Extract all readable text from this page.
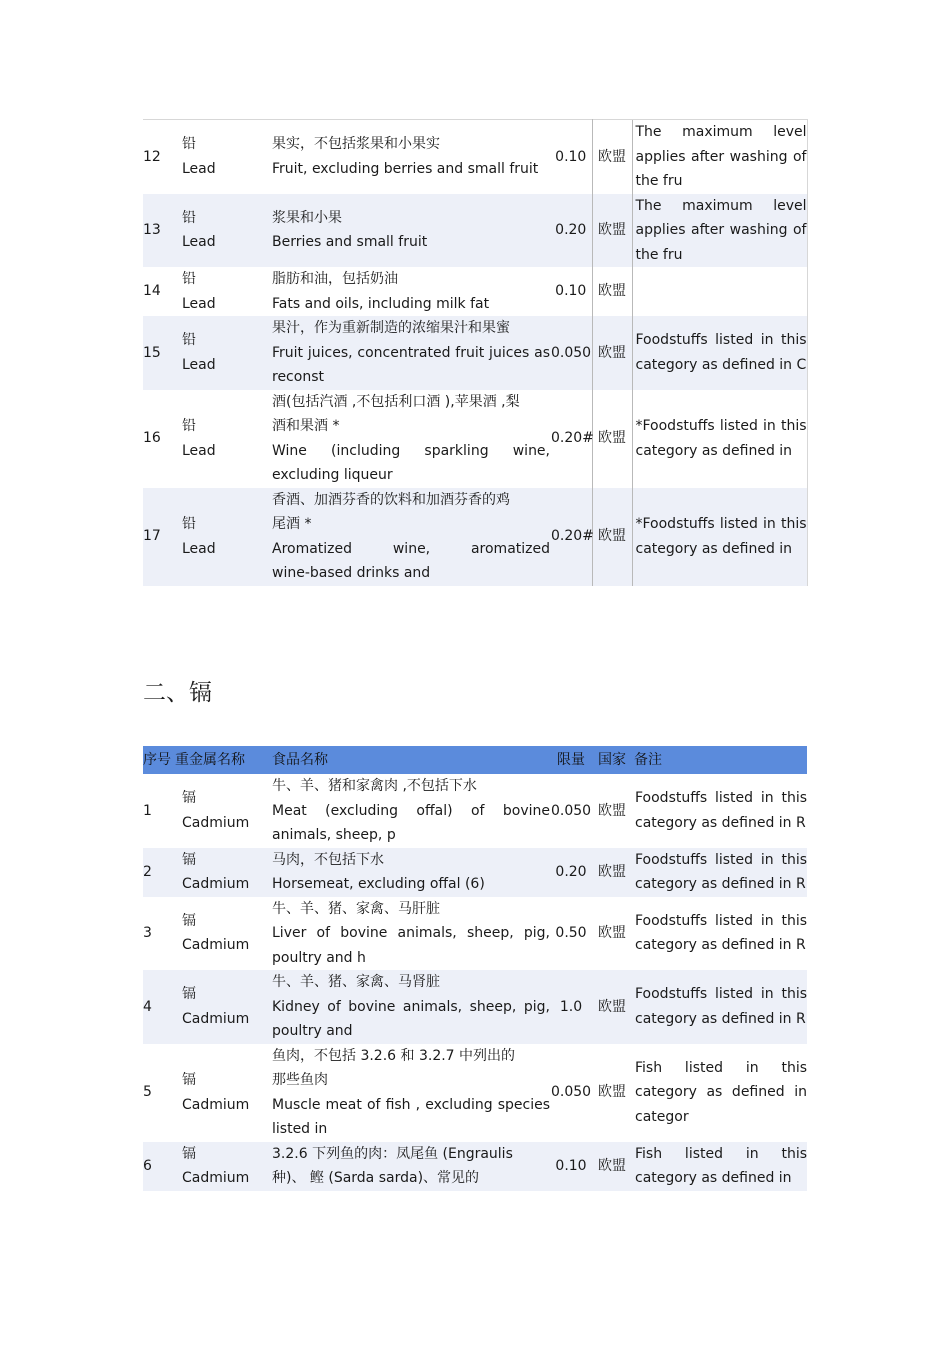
12	铅
Lead	果实，不包括浆果和小果实
Fruit, excluding berries and small fruit	0.10	欧盟	The maximum level
applies after washing of
the fru

13	铅
Lead	浆果和小果
Berries and small fruit	0.20	欧盟	The maximum level
applies after washing of
the fru

14	铅
Lead	脂肪和油，包括奶油
Fats and oils, including milk fat	0.10	欧盟	
15	铅
Lead	果汁，作为重新制造的浓缩果汁和果蜜
Fruit juices, concentrated fruit juices as
reconst	0.050	欧盟	Foodstuffs listed in this
category as defined in C

16	铅
Lead	酒(包括汽酒 ,不包括利口酒 ),苹果酒 ,梨
酒和果酒 *
Wine (including sparkling wine,
excluding liqueur	0.20#	欧盟	*Foodstuffs listed in this
category as defined in

17	铅
Lead	香酒、加酒芬香的饮料和加酒芬香的鸡
尾酒 *
Aromatized wine, aromatized
wine-based drinks and	0.20#	欧盟	*Foodstuffs listed in this
category as defined in
二、镉
序号	重金属名称	食品名称	限量	国家	备注
1	镉
Cadmium	牛、羊、猪和家禽肉 ,不包括下水
Meat (excluding offal) of bovine
animals, sheep, p	0.050	欧盟	Foodstuffs listed in this
category as defined in R

2	镉
Cadmium	马肉，不包括下水
Horsemeat, excluding offal (6)	0.20	欧盟	Foodstuffs listed in this
category as defined in R

3	镉
Cadmium	牛、羊、猪、家禽、马肝脏
Liver of bovine animals, sheep, pig,
poultry and h	0.50	欧盟	Foodstuffs listed in this
category as defined in R

4	镉
Cadmium	牛、羊、猪、家禽、马肾脏
Kidney of bovine animals, sheep, pig,
poultry and	1.0	欧盟	Foodstuffs listed in this
category as defined in R

5	镉
Cadmium	鱼肉，不包括 3.2.6 和 3.2.7 中列出的
那些鱼肉
Muscle meat of fish , excluding species
listed in	0.050	欧盟	Fish listed in this
category as defined in
categor

6	镉
Cadmium	3.2.6 下列鱼的肉：凤尾鱼 (Engraulis
种)、 鲣 (Sarda sarda)、常见的	0.10	欧盟	Fish listed in this
category as defined in
